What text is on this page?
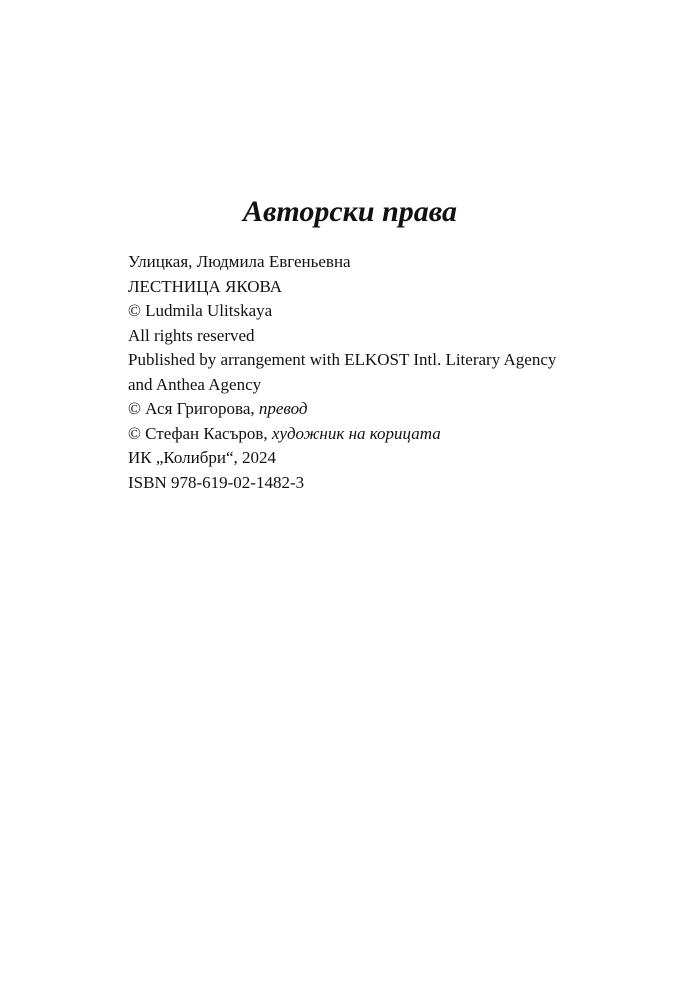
Авторски права
Улицкая, Людмила Евгеньевна
ЛЕСТНИЦА ЯКОВА
© Ludmila Ulitskaya
All rights reserved
Published by arrangement with ELKOST Intl. Literary Agency
and Anthea Agency
© Ася Григорова, превод
© Стефан Касъров, художник на корицата
ИК „Колибри“, 2024
ISBN 978-619-02-1482-3
